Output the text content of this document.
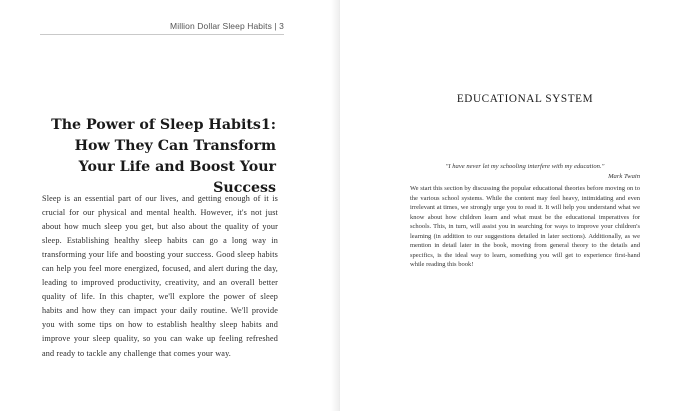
Million Dollar Sleep Habits | 3
The Power of Sleep Habits1: How They Can Transform Your Life and Boost Your Success

Sleep is an essential part of our lives, and getting enough of it is crucial for our physical and mental health. However, it's not just about how much sleep you get, but also about the quality of your sleep. Establishing healthy sleep habits can go a long way in transforming your life and boosting your success. Good sleep habits can help you feel more energized, focused, and alert during the day, leading to improved productivity, creativity, and an overall better quality of life. In this chapter, we'll explore the power of sleep habits and how they can impact your daily routine. We'll provide you with some tips on how to establish healthy sleep habits and improve your sleep quality, so you can wake up feeling refreshed and ready to tackle any challenge that comes your way.

EDUCATIONAL SYSTEM
"I have never let my schooling interfere with my education."
Mark Twain

We start this section by discussing the popular educational theories before moving on to the various school systems. While the content may feel heavy, intimidating and even irrelevant at times, we strongly urge you to read it. It will help you understand what we know about how children learn and what must be the educational imperatives for schools. This, in turn, will assist you in searching for ways to improve your children's learning (in addition to our suggestions detailed in later sections). Additionally, as we mention in detail later in the book, moving from general theory to the details and specifics, is the ideal way to learn, something you will get to experience first-hand while reading this book!
